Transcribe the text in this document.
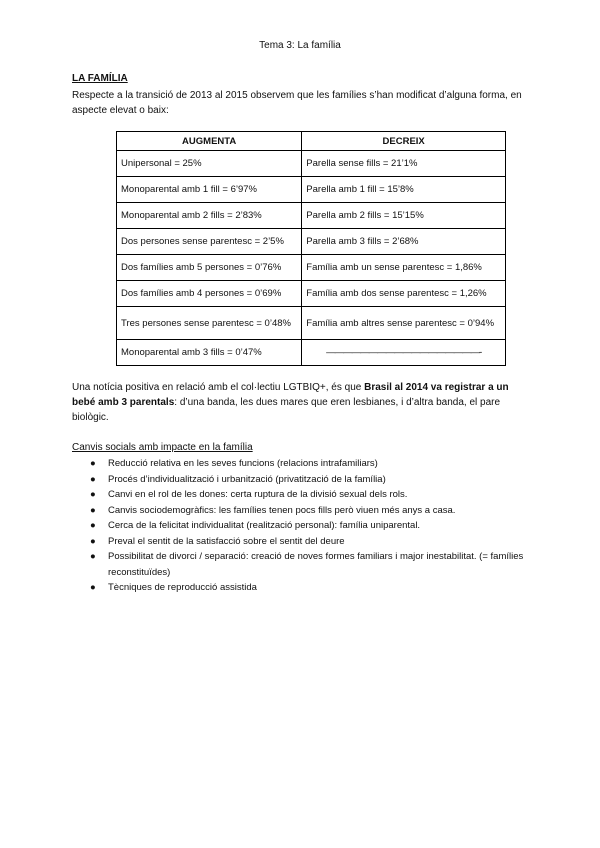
Tema 3: La família

LA FAMÍLIA

Respecte a la transició de 2013 al 2015 observem que les famílies s’han modificat d’alguna forma, en aspecte elevat o baix:

AUGMENTA	DECREIX
Unipersonal = 25%	Parella sense fills = 21’1%
Monoparental amb 1 fill = 6’97%	Parella amb 1 fill = 15’8%
Monoparental amb 2 fills = 2’83%	Parella amb 2 fills = 15’15%
Dos persones sense parentesc = 2’5%	Parella amb 3 fills = 2’68%
Dos famílies amb 5 persones = 0’76%	Família amb un sense parentesc = 1,86%
Dos famílies amb 4 persones = 0’69%	Família amb dos sense parentesc = 1,26%
Tres persones sense parentesc = 0’48%	Família amb altres sense parentesc = 0’94%
Monoparental amb 3 fills = 0’47%	——————————————————-

Una notícia positiva en relació amb el col·lectiu LGTBIQ+, és que Brasil al 2014 va registrar a un bebé amb 3 parentals: d’una banda, les dues mares que eren lesbianes, i d’altra banda, el pare biològic.

Canvis socials amb impacte en la família

● Reducció relativa en les seves funcions (relacions intrafamiliars)
● Procés d’individualització i urbanització (privatització de la família)
● Canvi en el rol de les dones: certa ruptura de la divisió sexual dels rols.
● Canvis sociodemogràfics: les famílies tenen pocs fills però viuen més anys a casa.
● Cerca de la felicitat individualitat (realització personal): família uniparental.
● Preval el sentit de la satisfacció sobre el sentit del deure
● Possibilitat de divorci / separació: creació de noves formes familiars i major inestabilitat. (= famílies reconstituïdes)
● Tècniques de reproducció assistida
